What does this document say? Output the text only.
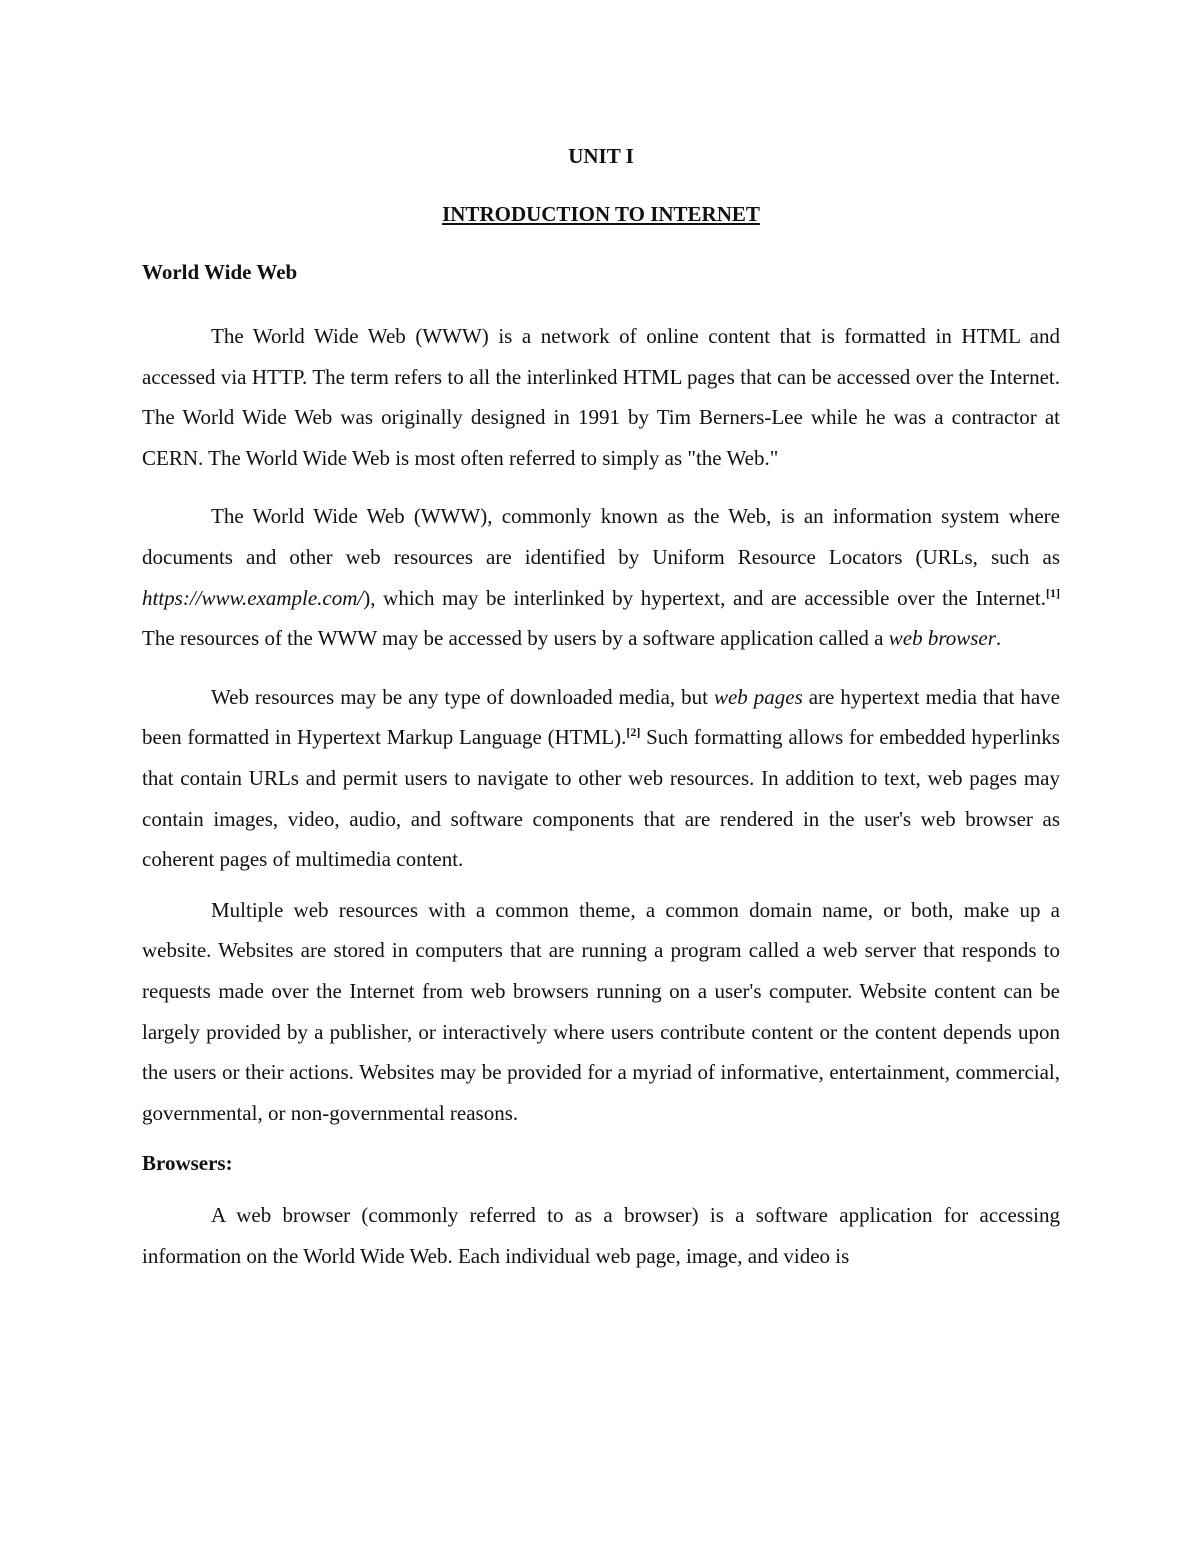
UNIT I
INTRODUCTION TO INTERNET
World Wide Web

The World Wide Web (WWW) is a network of online content that is formatted in HTML and accessed via HTTP. The term refers to all the interlinked HTML pages that can be accessed over the Internet. The World Wide Web was originally designed in 1991 by Tim Berners-Lee while he was a contractor at CERN. The World Wide Web is most often referred to simply as "the Web."

The World Wide Web (WWW), commonly known as the Web, is an information system where documents and other web resources are identified by Uniform Resource Locators (URLs, such as https://www.example.com/), which may be interlinked by hypertext, and are accessible over the Internet.[1] The resources of the WWW may be accessed by users by a software application called a web browser.

Web resources may be any type of downloaded media, but web pages are hypertext media that have been formatted in Hypertext Markup Language (HTML).[2] Such formatting allows for embedded hyperlinks that contain URLs and permit users to navigate to other web resources. In addition to text, web pages may contain images, video, audio, and software components that are rendered in the user's web browser as coherent pages of multimedia content.

Multiple web resources with a common theme, a common domain name, or both, make up a website. Websites are stored in computers that are running a program called a web server that responds to requests made over the Internet from web browsers running on a user's computer. Website content can be largely provided by a publisher, or interactively where users contribute content or the content depends upon the users or their actions. Websites may be provided for a myriad of informative, entertainment, commercial, governmental, or non-governmental reasons.

Browsers:

A web browser (commonly referred to as a browser) is a software application for accessing information on the World Wide Web. Each individual web page, image, and video is
